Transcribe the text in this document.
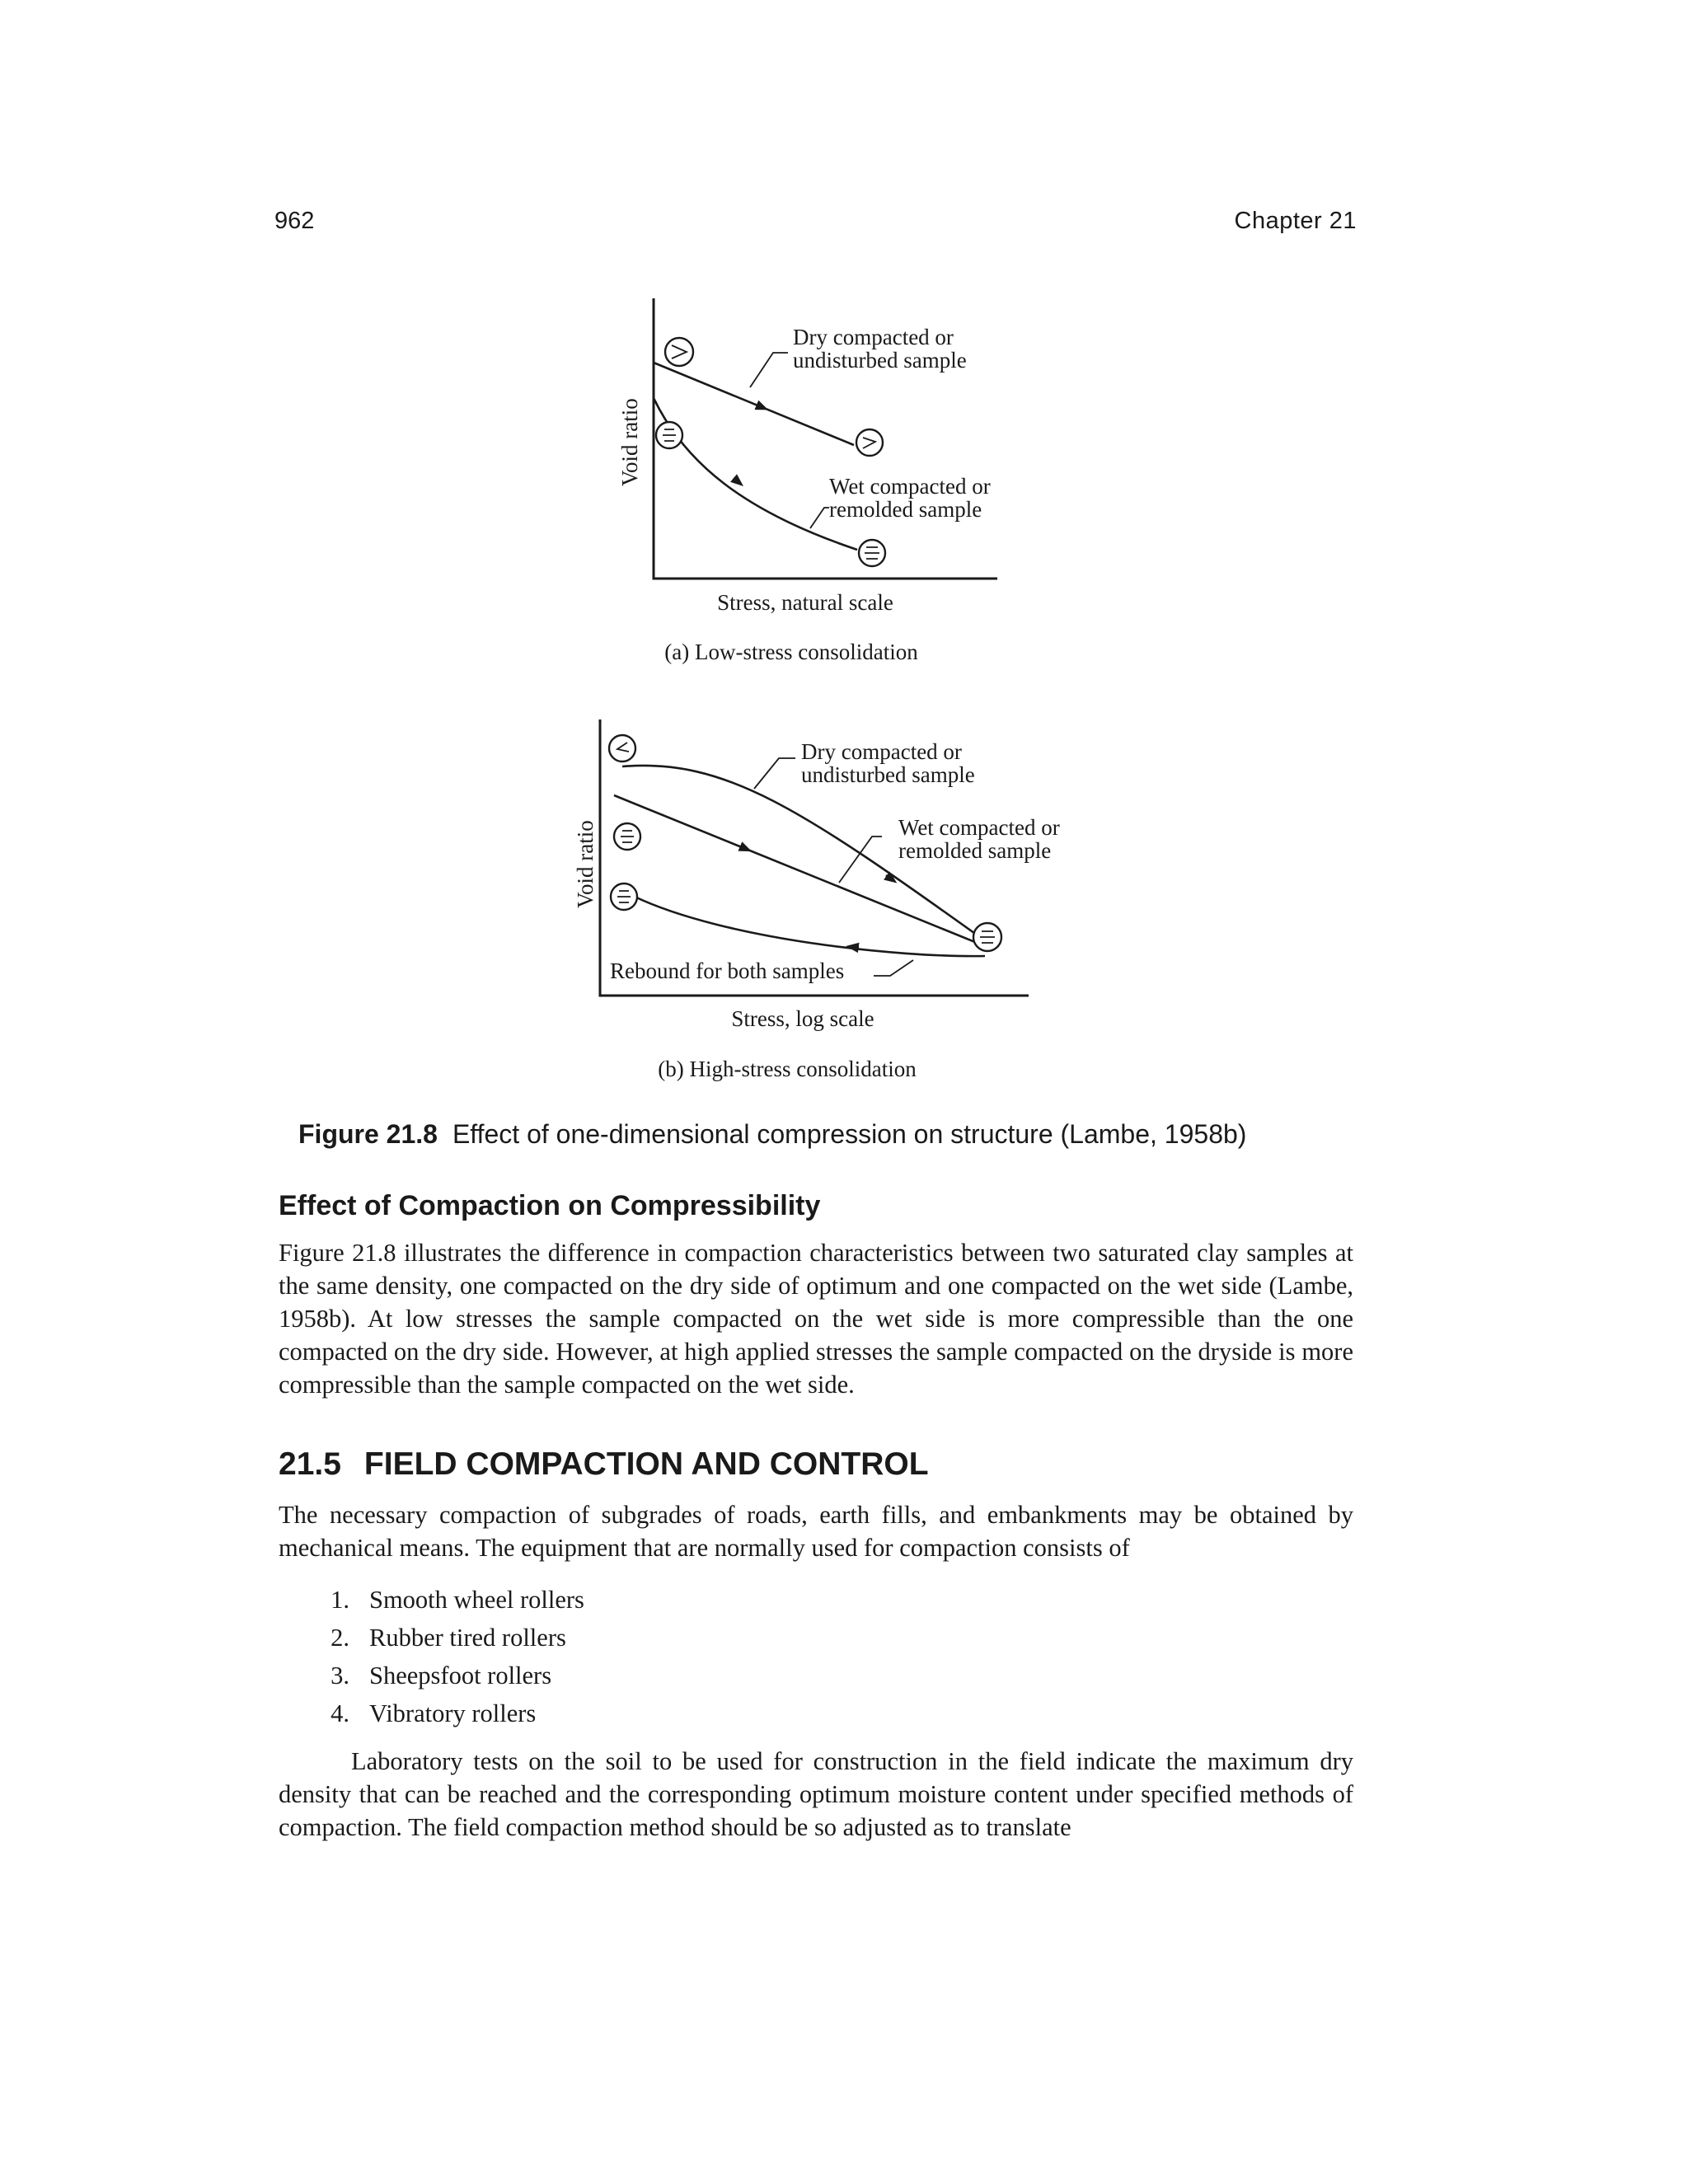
962	Chapter 21
Dry compacted or
undisturbed sample
Wet compacted or
remolded sample
Void ratio
Stress, natural scale
(a) Low-stress consolidation
Dry compacted or
undisturbed sample
Wet compacted or
remolded sample
Rebound for both samples
Void ratio
Stress, log scale
(b) High-stress consolidation
Figure 21.8 Effect of one-dimensional compression on structure (Lambe, 1958b)
Effect of Compaction on Compressibility
Figure 21.8 illustrates the difference in compaction characteristics between two saturated clay samples at the same density, one compacted on the dry side of optimum and one compacted on the wet side (Lambe, 1958b). At low stresses the sample compacted on the wet side is more compressible than the one compacted on the dry side. However, at high applied stresses the sample compacted on the dryside is more compressible than the sample compacted on the wet side.
21.5 FIELD COMPACTION AND CONTROL
The necessary compaction of subgrades of roads, earth fills, and embankments may be obtained by mechanical means. The equipment that are normally used for compaction consists of
1. Smooth wheel rollers
2. Rubber tired rollers
3. Sheepsfoot rollers
4. Vibratory rollers
Laboratory tests on the soil to be used for construction in the field indicate the maximum dry density that can be reached and the corresponding optimum moisture content under specified methods of compaction. The field compaction method should be so adjusted as to translate
